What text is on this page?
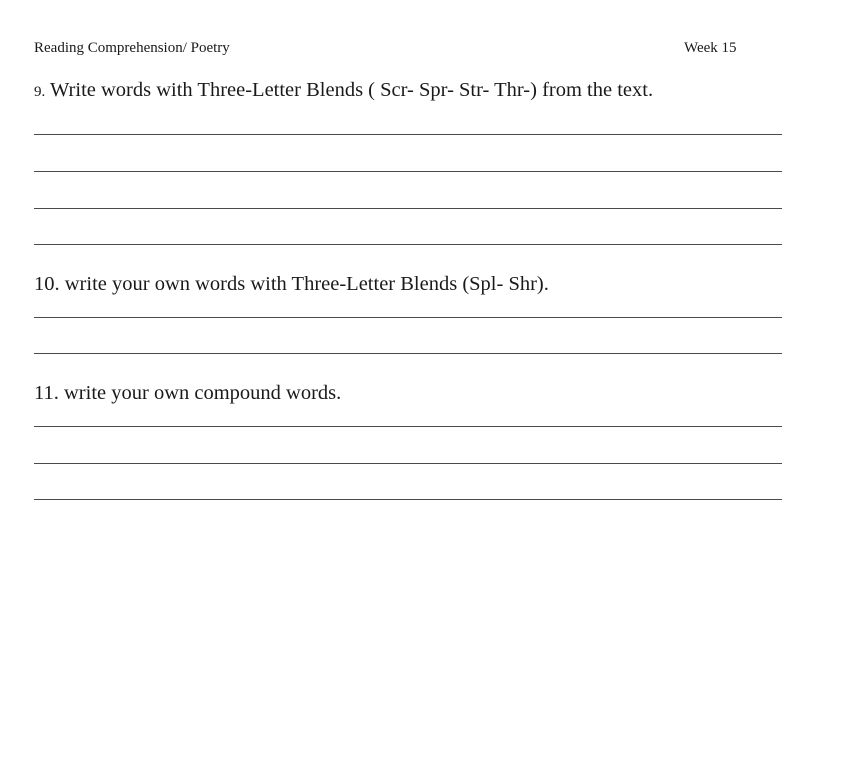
Reading Comprehension/ Poetry	Week 15
9. Write words with Three-Letter Blends ( Scr- Spr- Str- Thr-) from the text.
10. write your own words with Three-Letter Blends (Spl- Shr).
11. write your own compound words.
